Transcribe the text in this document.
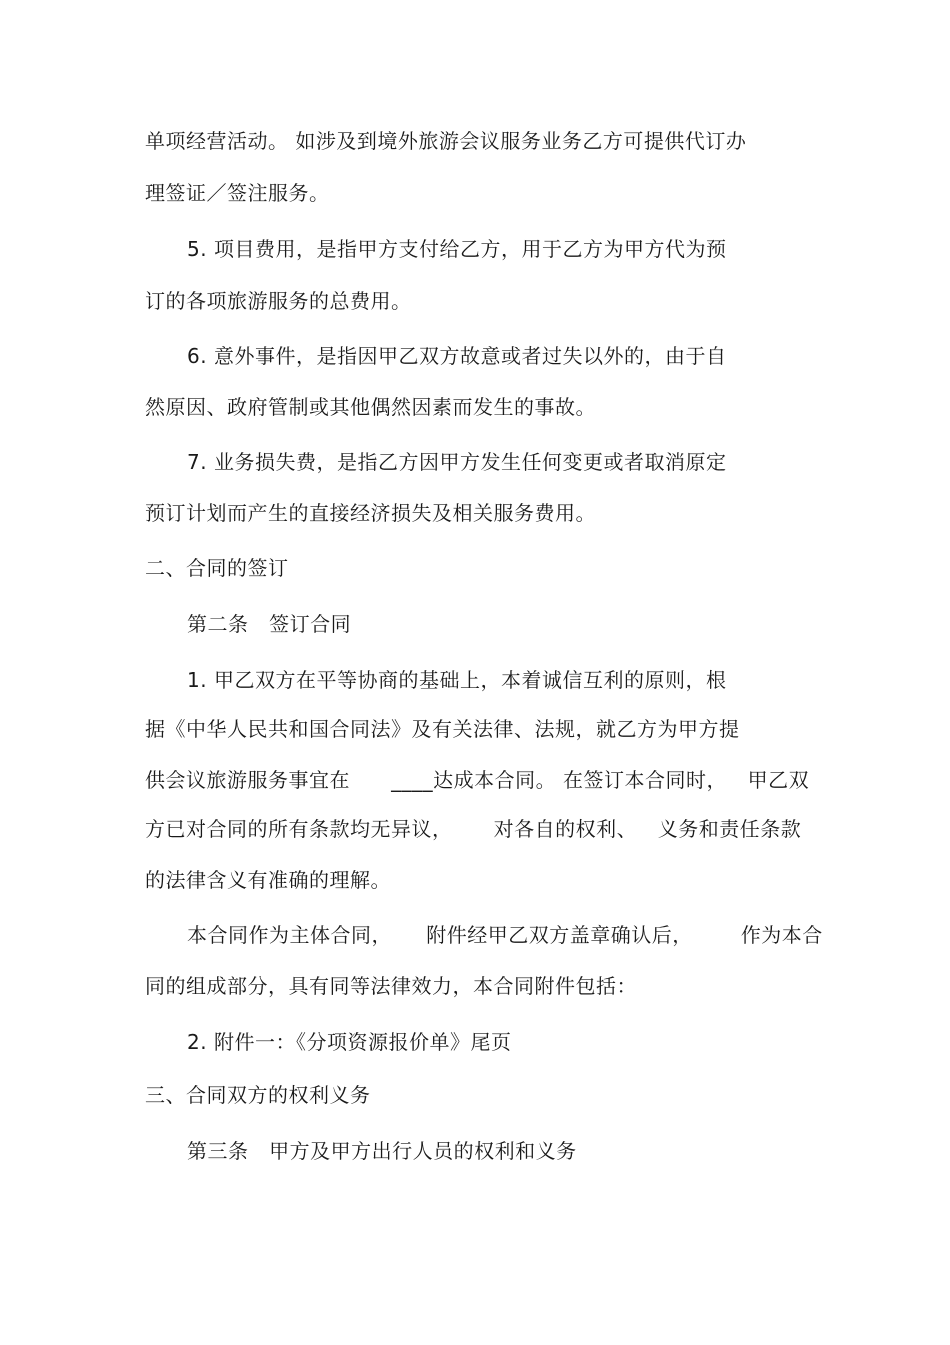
单项经营活动。 如涉及到境外旅游会议服务业务乙方可提供代订办
理签证／签注服务。
5. 项目费用，是指甲方支付给乙方，用于乙方为甲方代为预
订的各项旅游服务的总费用。
6. 意外事件，是指因甲乙双方故意或者过失以外的，由于自
然原因、政府管制或其他偶然因素而发生的事故。
7. 业务损失费，是指乙方因甲方发生任何变更或者取消原定
预订计划而产生的直接经济损失及相关服务费用。
二、合同的签订
第二条   签订合同
1. 甲乙双方在平等协商的基础上，本着诚信互利的原则，根
据《中华人民共和国合同法》及有关法律、法规，就乙方为甲方提
供会议旅游服务事宜在      ____达成本合同。 在签订本合同时，   甲乙双
方已对合同的所有条款均无异议，      对各自的权利、   义务和责任条款
的法律含义有准确的理解。
本合同作为主体合同，     附件经甲乙双方盖章确认后，       作为本合
同的组成部分，具有同等法律效力，本合同附件包括：
2. 附件一：《分项资源报价单》尾页
三、合同双方的权利义务
第三条   甲方及甲方出行人员的权利和义务
